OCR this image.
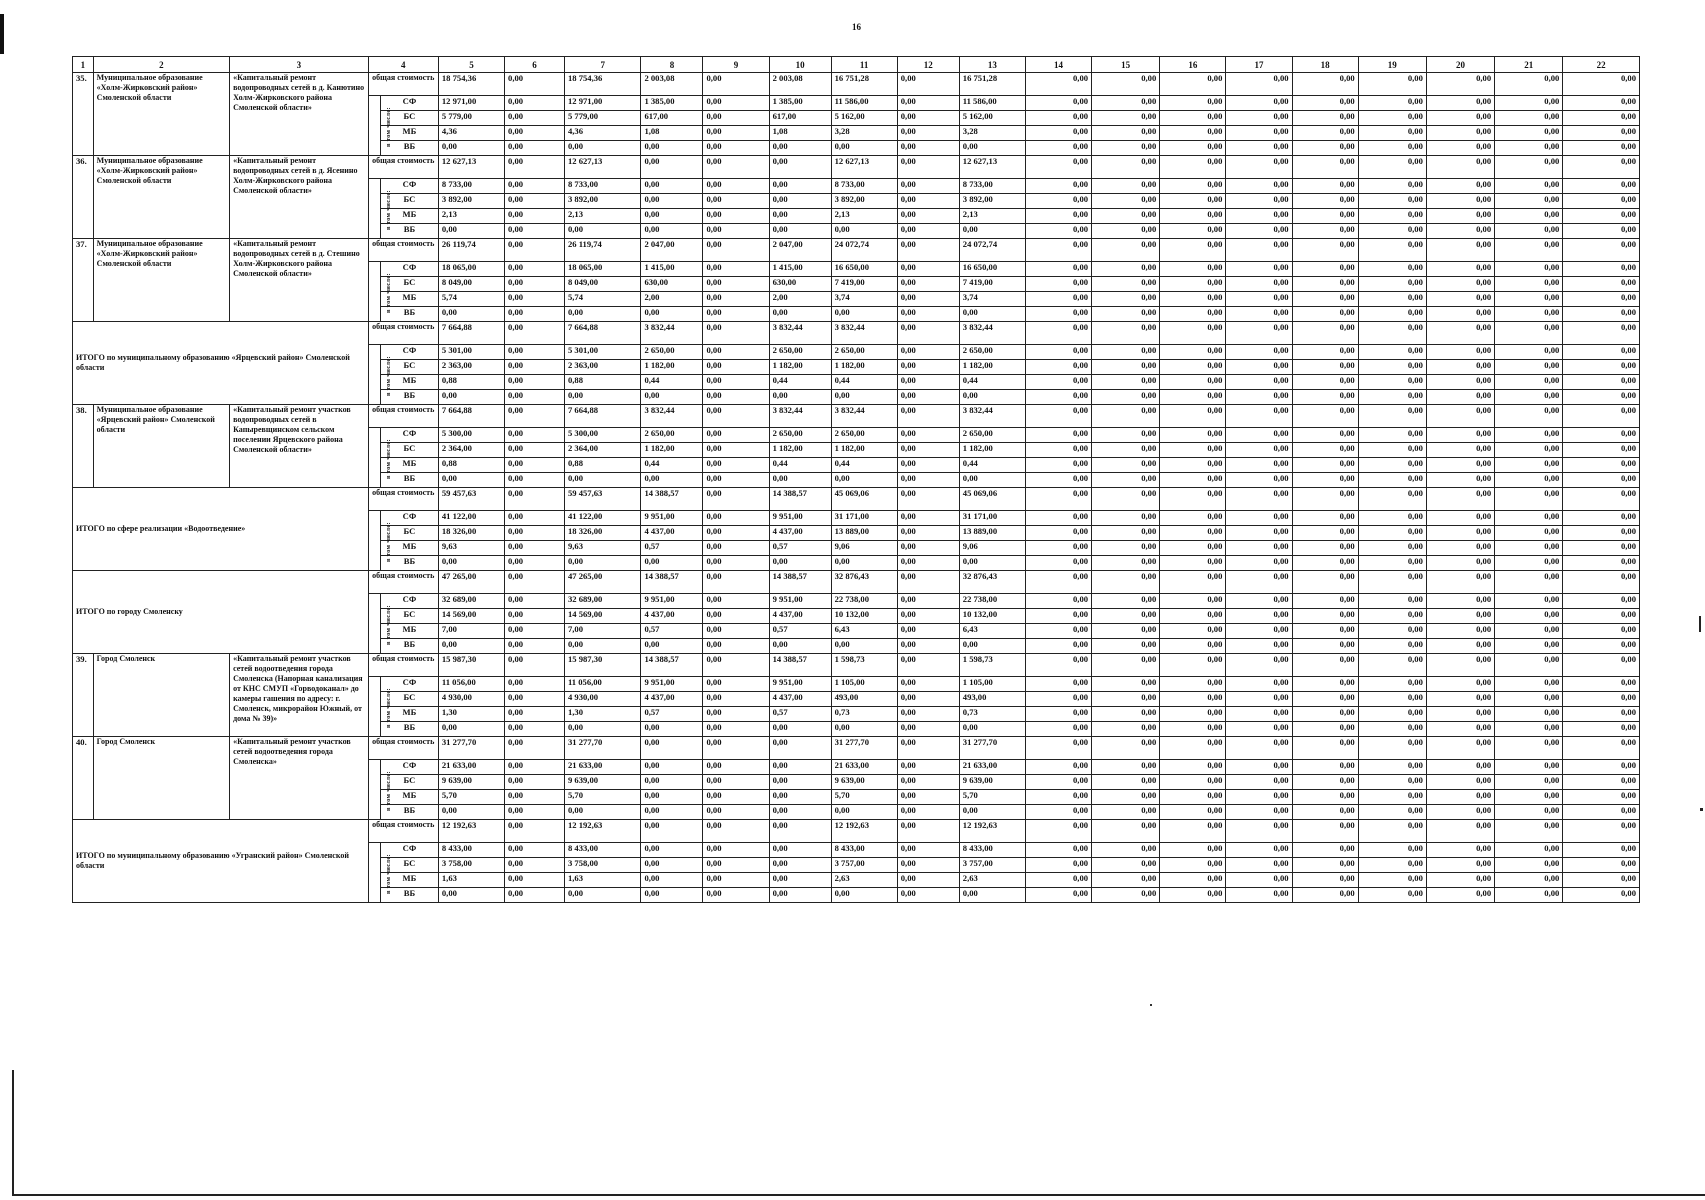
16
1	2	3	4		5	6	7	8	9	10	11	12	13	14	15	16	17	18	19	20	21	22
35.	Муниципальное образование «Холм-Жирковский район» Смоленской области	«Капитальный ремонт водопроводных сетей в д. Канютино Холм-Жирковского района Смоленской области»	общая стоимость		18 754,36	0,00	18 754,36	2 003,08	0,00	2 003,08	16 751,28	0,00	16 751,28	0,00	0,00	0,00	0,00	0,00	0,00	0,00	0,00	0,00
			в том числе:	СФ	12 971,00	0,00	12 971,00	1 385,00	0,00	1 385,00	11 586,00	0,00	11 586,00	0,00	0,00	0,00	0,00	0,00	0,00	0,00	0,00	0,00
				БС	5 779,00	0,00	5 779,00	617,00	0,00	617,00	5 162,00	0,00	5 162,00	0,00	0,00	0,00	0,00	0,00	0,00	0,00	0,00	0,00
				МБ	4,36	0,00	4,36	1,08	0,00	1,08	3,28	0,00	3,28	0,00	0,00	0,00	0,00	0,00	0,00	0,00	0,00	0,00
				ВБ	0,00	0,00	0,00	0,00	0,00	0,00	0,00	0,00	0,00	0,00	0,00	0,00	0,00	0,00	0,00	0,00	0,00	0,00
36.	Муниципальное образование «Холм-Жирковский район» Смоленской области	«Капитальный ремонт водопроводных сетей в д. Ясенино Холм-Жирковского района Смоленской области»	общая стоимость		12 627,13	0,00	12 627,13	0,00	0,00	0,00	12 627,13	0,00	12 627,13	0,00	0,00	0,00	0,00	0,00	0,00	0,00	0,00	0,00
			в том числе:	СФ	8 733,00	0,00	8 733,00	0,00	0,00	0,00	8 733,00	0,00	8 733,00	0,00	0,00	0,00	0,00	0,00	0,00	0,00	0,00	0,00
				БС	3 892,00	0,00	3 892,00	0,00	0,00	0,00	3 892,00	0,00	3 892,00	0,00	0,00	0,00	0,00	0,00	0,00	0,00	0,00	0,00
				МБ	2,13	0,00	2,13	0,00	0,00	0,00	2,13	0,00	2,13	0,00	0,00	0,00	0,00	0,00	0,00	0,00	0,00	0,00
				ВБ	0,00	0,00	0,00	0,00	0,00	0,00	0,00	0,00	0,00	0,00	0,00	0,00	0,00	0,00	0,00	0,00	0,00	0,00
37.	Муниципальное образование «Холм-Жирковский район» Смоленской области	«Капитальный ремонт водопроводных сетей в д. Стешино Холм-Жирковского района Смоленской области»	общая стоимость		26 119,74	0,00	26 119,74	2 047,00	0,00	2 047,00	24 072,74	0,00	24 072,74	0,00	0,00	0,00	0,00	0,00	0,00	0,00	0,00	0,00
			в том числе:	СФ	18 065,00	0,00	18 065,00	1 415,00	0,00	1 415,00	16 650,00	0,00	16 650,00	0,00	0,00	0,00	0,00	0,00	0,00	0,00	0,00	0,00
				БС	8 049,00	0,00	8 049,00	630,00	0,00	630,00	7 419,00	0,00	7 419,00	0,00	0,00	0,00	0,00	0,00	0,00	0,00	0,00	0,00
				МБ	5,74	0,00	5,74	2,00	0,00	2,00	3,74	0,00	3,74	0,00	0,00	0,00	0,00	0,00	0,00	0,00	0,00	0,00
				ВБ	0,00	0,00	0,00	0,00	0,00	0,00	0,00	0,00	0,00	0,00	0,00	0,00	0,00	0,00	0,00	0,00	0,00	0,00
ИТОГО по муниципальному образованию «Ярцевский район» Смоленской области			общая стоимость		7 664,88	0,00	7 664,88	3 832,44	0,00	3 832,44	3 832,44	0,00	3 832,44	0,00	0,00	0,00	0,00	0,00	0,00	0,00	0,00	0,00
			в том числе:	СФ	5 301,00	0,00	5 301,00	2 650,00	0,00	2 650,00	2 650,00	0,00	2 650,00	0,00	0,00	0,00	0,00	0,00	0,00	0,00	0,00	0,00
				БС	2 363,00	0,00	2 363,00	1 182,00	0,00	1 182,00	1 182,00	0,00	1 182,00	0,00	0,00	0,00	0,00	0,00	0,00	0,00	0,00	0,00
				МБ	0,88	0,00	0,88	0,44	0,00	0,44	0,44	0,00	0,44	0,00	0,00	0,00	0,00	0,00	0,00	0,00	0,00	0,00
				ВБ	0,00	0,00	0,00	0,00	0,00	0,00	0,00	0,00	0,00	0,00	0,00	0,00	0,00	0,00	0,00	0,00	0,00	0,00
38.	Муниципальное образование «Ярцевский район» Смоленской области	«Капитальный ремонт участков водопроводных сетей в Капыревщинском сельском поселении Ярцевского района Смоленской области»	общая стоимость		7 664,88	0,00	7 664,88	3 832,44	0,00	3 832,44	3 832,44	0,00	3 832,44	0,00	0,00	0,00	0,00	0,00	0,00	0,00	0,00	0,00
			в том числе:	СФ	5 300,00	0,00	5 300,00	2 650,00	0,00	2 650,00	2 650,00	0,00	2 650,00	0,00	0,00	0,00	0,00	0,00	0,00	0,00	0,00	0,00
				БС	2 364,00	0,00	2 364,00	1 182,00	0,00	1 182,00	1 182,00	0,00	1 182,00	0,00	0,00	0,00	0,00	0,00	0,00	0,00	0,00	0,00
				МБ	0,88	0,00	0,88	0,44	0,00	0,44	0,44	0,00	0,44	0,00	0,00	0,00	0,00	0,00	0,00	0,00	0,00	0,00
				ВБ	0,00	0,00	0,00	0,00	0,00	0,00	0,00	0,00	0,00	0,00	0,00	0,00	0,00	0,00	0,00	0,00	0,00	0,00
ИТОГО по сфере реализации «Водоотведение»			общая стоимость		59 457,63	0,00	59 457,63	14 388,57	0,00	14 388,57	45 069,06	0,00	45 069,06	0,00	0,00	0,00	0,00	0,00	0,00	0,00	0,00	0,00
			в том числе:	СФ	41 122,00	0,00	41 122,00	9 951,00	0,00	9 951,00	31 171,00	0,00	31 171,00	0,00	0,00	0,00	0,00	0,00	0,00	0,00	0,00	0,00
				БС	18 326,00	0,00	18 326,00	4 437,00	0,00	4 437,00	13 889,00	0,00	13 889,00	0,00	0,00	0,00	0,00	0,00	0,00	0,00	0,00	0,00
				МБ	9,63	0,00	9,63	0,57	0,00	0,57	9,06	0,00	9,06	0,00	0,00	0,00	0,00	0,00	0,00	0,00	0,00	0,00
				ВБ	0,00	0,00	0,00	0,00	0,00	0,00	0,00	0,00	0,00	0,00	0,00	0,00	0,00	0,00	0,00	0,00	0,00	0,00
ИТОГО по городу Смоленску			общая стоимость		47 265,00	0,00	47 265,00	14 388,57	0,00	14 388,57	32 876,43	0,00	32 876,43	0,00	0,00	0,00	0,00	0,00	0,00	0,00	0,00	0,00
			в том числе:	СФ	32 689,00	0,00	32 689,00	9 951,00	0,00	9 951,00	22 738,00	0,00	22 738,00	0,00	0,00	0,00	0,00	0,00	0,00	0,00	0,00	0,00
				БС	14 569,00	0,00	14 569,00	4 437,00	0,00	4 437,00	10 132,00	0,00	10 132,00	0,00	0,00	0,00	0,00	0,00	0,00	0,00	0,00	0,00
				МБ	7,00	0,00	7,00	0,57	0,00	0,57	6,43	0,00	6,43	0,00	0,00	0,00	0,00	0,00	0,00	0,00	0,00	0,00
				ВБ	0,00	0,00	0,00	0,00	0,00	0,00	0,00	0,00	0,00	0,00	0,00	0,00	0,00	0,00	0,00	0,00	0,00	0,00
39.	Город Смоленск	«Капитальный ремонт участков сетей водоотведения города Смоленска (Напорная канализация от КНС СМУП «Горводоканал» до камеры гашения по адресу: г. Смоленск, микрорайон Южный, от дома № 39)»	общая стоимость		15 987,30	0,00	15 987,30	14 388,57	0,00	14 388,57	1 598,73	0,00	1 598,73	0,00	0,00	0,00	0,00	0,00	0,00	0,00	0,00	0,00
			в том числе:	СФ	11 056,00	0,00	11 056,00	9 951,00	0,00	9 951,00	1 105,00	0,00	1 105,00	0,00	0,00	0,00	0,00	0,00	0,00	0,00	0,00	0,00
				БС	4 930,00	0,00	4 930,00	4 437,00	0,00	4 437,00	493,00	0,00	493,00	0,00	0,00	0,00	0,00	0,00	0,00	0,00	0,00	0,00
				МБ	1,30	0,00	1,30	0,57	0,00	0,57	0,73	0,00	0,73	0,00	0,00	0,00	0,00	0,00	0,00	0,00	0,00	0,00
				ВБ	0,00	0,00	0,00	0,00	0,00	0,00	0,00	0,00	0,00	0,00	0,00	0,00	0,00	0,00	0,00	0,00	0,00	0,00
40.	Город Смоленск	«Капитальный ремонт участков сетей водоотведения города Смоленска»	общая стоимость		31 277,70	0,00	31 277,70	0,00	0,00	0,00	31 277,70	0,00	31 277,70	0,00	0,00	0,00	0,00	0,00	0,00	0,00	0,00	0,00
			в том числе:	СФ	21 633,00	0,00	21 633,00	0,00	0,00	0,00	21 633,00	0,00	21 633,00	0,00	0,00	0,00	0,00	0,00	0,00	0,00	0,00	0,00
				БС	9 639,00	0,00	9 639,00	0,00	0,00	0,00	9 639,00	0,00	9 639,00	0,00	0,00	0,00	0,00	0,00	0,00	0,00	0,00	0,00
				МБ	5,70	0,00	5,70	0,00	0,00	0,00	5,70	0,00	5,70	0,00	0,00	0,00	0,00	0,00	0,00	0,00	0,00	0,00
				ВБ	0,00	0,00	0,00	0,00	0,00	0,00	0,00	0,00	0,00	0,00	0,00	0,00	0,00	0,00	0,00	0,00	0,00	0,00
ИТОГО по муниципальному образованию «Угранский район» Смоленской области			общая стоимость		12 192,63	0,00	12 192,63	0,00	0,00	0,00	12 192,63	0,00	12 192,63	0,00	0,00	0,00	0,00	0,00	0,00	0,00	0,00	0,00
			в том числе:	СФ	8 433,00	0,00	8 433,00	0,00	0,00	0,00	8 433,00	0,00	8 433,00	0,00	0,00	0,00	0,00	0,00	0,00	0,00	0,00	0,00
				БС	3 758,00	0,00	3 758,00	0,00	0,00	0,00	3 757,00	0,00	3 757,00	0,00	0,00	0,00	0,00	0,00	0,00	0,00	0,00	0,00
				МБ	1,63	0,00	1,63	0,00	0,00	0,00	2,63	0,00	2,63	0,00	0,00	0,00	0,00	0,00	0,00	0,00	0,00	0,00
				ВБ	0,00	0,00	0,00	0,00	0,00	0,00	0,00	0,00	0,00	0,00	0,00	0,00	0,00	0,00	0,00	0,00	0,00	0,00
